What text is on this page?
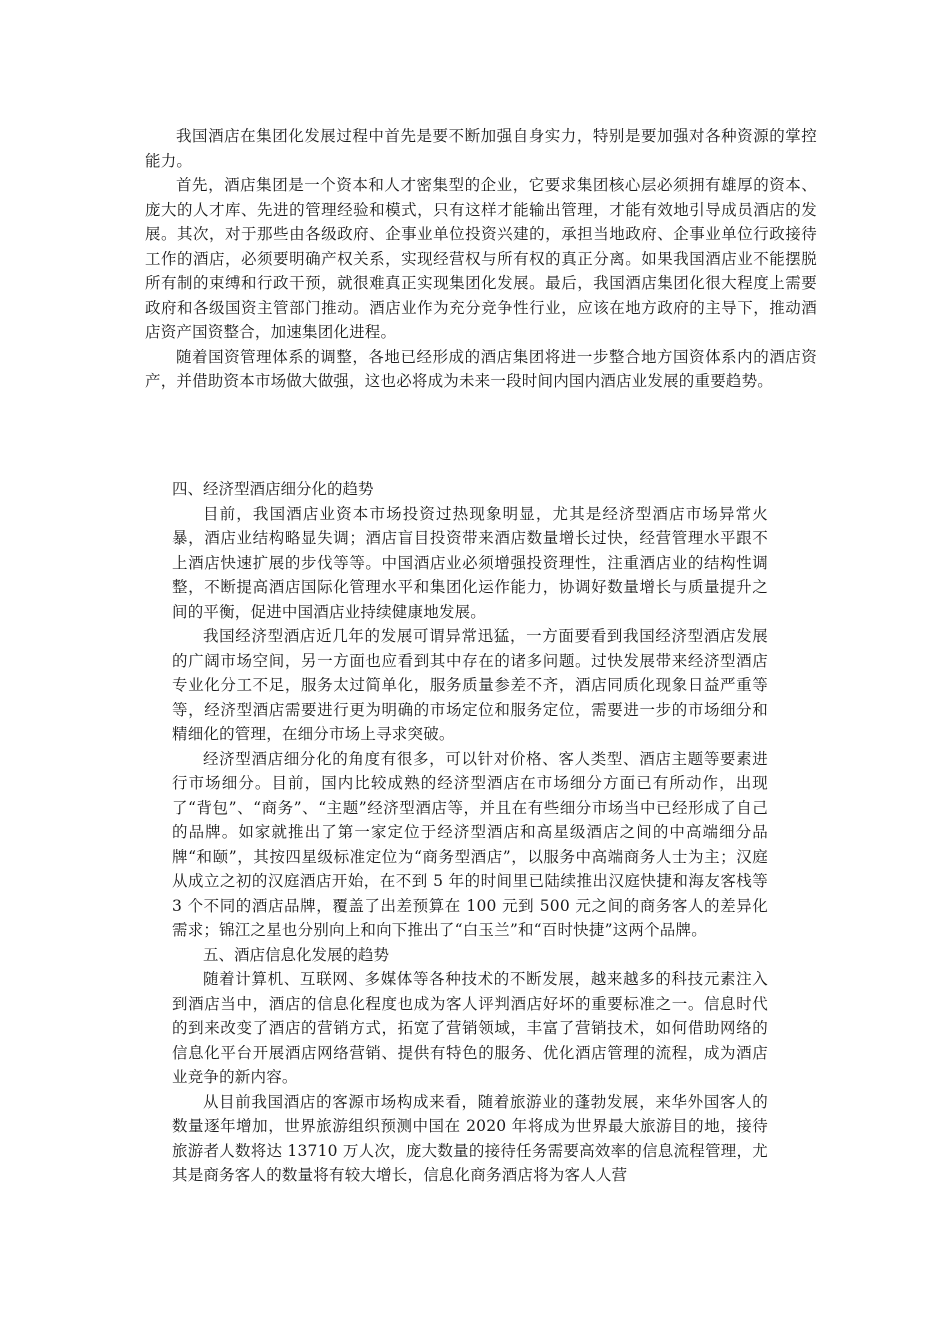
我国酒店在集团化发展过程中首先是要不断加强自身实力，特别是要加强对各种资源的掌控能力。

首先，酒店集团是一个资本和人才密集型的企业，它要求集团核心层必须拥有雄厚的资本、庞大的人才库、先进的管理经验和模式，只有这样才能输出管理，才能有效地引导成员酒店的发展。其次，对于那些由各级政府、企事业单位投资兴建的，承担当地政府、企事业单位行政接待工作的酒店，必须要明确产权关系，实现经营权与所有权的真正分离。如果我国酒店业不能摆脱所有制的束缚和行政干预，就很难真正实现集团化发展。最后，我国酒店集团化很大程度上需要政府和各级国资主管部门推动。酒店业作为充分竞争性行业，应该在地方政府的主导下，推动酒店资产国资整合，加速集团化进程。

随着国资管理体系的调整，各地已经形成的酒店集团将进一步整合地方国资体系内的酒店资产，并借助资本市场做大做强，这也必将成为未来一段时间内国内酒店业发展的重要趋势。

四、经济型酒店细分化的趋势

目前，我国酒店业资本市场投资过热现象明显，尤其是经济型酒店市场异常火暴，酒店业结构略显失调；酒店盲目投资带来酒店数量增长过快，经营管理水平跟不上酒店快速扩展的步伐等等。中国酒店业必须增强投资理性，注重酒店业的结构性调整，不断提高酒店国际化管理水平和集团化运作能力，协调好数量增长与质量提升之间的平衡，促进中国酒店业持续健康地发展。

我国经济型酒店近几年的发展可谓异常迅猛，一方面要看到我国经济型酒店发展的广阔市场空间，另一方面也应看到其中存在的诸多问题。过快发展带来经济型酒店专业化分工不足，服务太过简单化，服务质量参差不齐，酒店同质化现象日益严重等等，经济型酒店需要进行更为明确的市场定位和服务定位，需要进一步的市场细分和精细化的管理，在细分市场上寻求突破。

经济型酒店细分化的角度有很多，可以针对价格、客人类型、酒店主题等要素进行市场细分。目前，国内比较成熟的经济型酒店在市场细分方面已有所动作，出现了“背包”、“商务”、“主题”经济型酒店等，并且在有些细分市场当中已经形成了自己的品牌。如家就推出了第一家定位于经济型酒店和高星级酒店之间的中高端细分品牌“和颐”，其按四星级标准定位为“商务型酒店”，以服务中高端商务人士为主；汉庭从成立之初的汉庭酒店开始，在不到 5 年的时间里已陆续推出汉庭快捷和海友客栈等 3 个不同的酒店品牌，覆盖了出差预算在 100 元到 500 元之间的商务客人的差异化需求；锦江之星也分别向上和向下推出了“白玉兰”和“百时快捷”这两个品牌。

五、酒店信息化发展的趋势

随着计算机、互联网、多媒体等各种技术的不断发展，越来越多的科技元素注入到酒店当中，酒店的信息化程度也成为客人评判酒店好坏的重要标准之一。信息时代的到来改变了酒店的营销方式，拓宽了营销领域，丰富了营销技术，如何借助网络的信息化平台开展酒店网络营销、提供有特色的服务、优化酒店管理的流程，成为酒店业竞争的新内容。

从目前我国酒店的客源市场构成来看，随着旅游业的蓬勃发展，来华外国客人的数量逐年增加，世界旅游组织预测中国在 2020 年将成为世界最大旅游目的地，接待旅游者人数将达 13710 万人次，庞大数量的接待任务需要高效率的信息流程管理，尤其是商务客人的数量将有较大增长，信息化商务酒店将为客人人营
